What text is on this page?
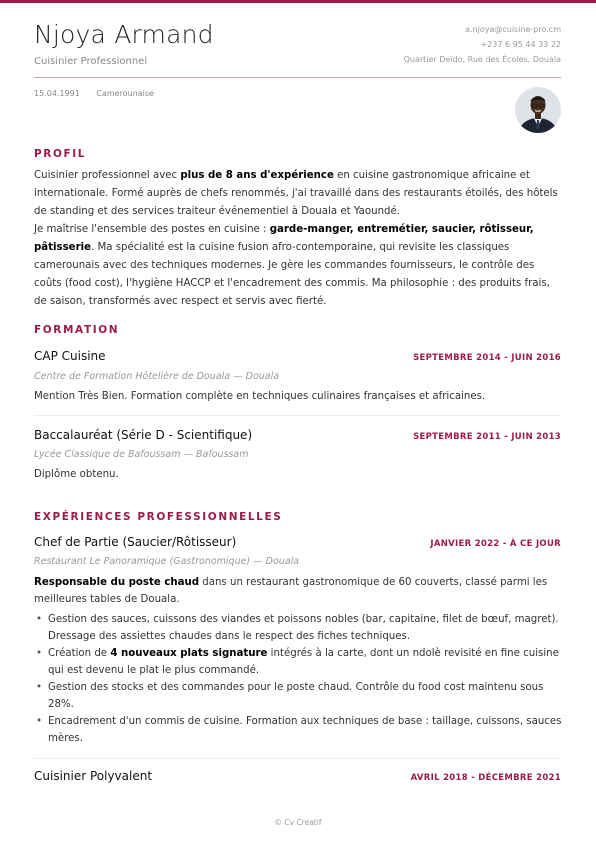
Njoya Armand
Cuisinier Professionnel
a.njoya@cuisine-pro.cm
+237 6 95 44 33 22
Quartier Deïdo, Rue des Écoles, Douala
15.04.1991 Camerounaise
PROFIL
Cuisinier professionnel avec plus de 8 ans d'expérience en cuisine gastronomique africaine et internationale. Formé auprès de chefs renommés, j'ai travaillé dans des restaurants étoilés, des hôtels de standing et des services traiteur événementiel à Douala et Yaoundé.
Je maîtrise l'ensemble des postes en cuisine : garde-manger, entremétier, saucier, rôtisseur, pâtisserie. Ma spécialité est la cuisine fusion afro-contemporaine, qui revisite les classiques camerounais avec des techniques modernes. Je gère les commandes fournisseurs, le contrôle des coûts (food cost), l'hygiène HACCP et l'encadrement des commis. Ma philosophie : des produits frais, de saison, transformés avec respect et servis avec fierté.
FORMATION
CAP Cuisine	SEPTEMBRE 2014 - JUIN 2016
Centre de Formation Hôtelière de Douala — Douala
Mention Très Bien. Formation complète en techniques culinaires françaises et africaines.
Baccalauréat (Série D - Scientifique)	SEPTEMBRE 2011 - JUIN 2013
Lycée Classique de Bafoussam — Bafoussam
Diplôme obtenu.
EXPÉRIENCES PROFESSIONNELLES
Chef de Partie (Saucier/Rôtisseur)	JANVIER 2022 - À CE JOUR
Restaurant Le Panoramique (Gastronomique) — Douala
Responsable du poste chaud dans un restaurant gastronomique de 60 couverts, classé parmi les meilleures tables de Douala.
• Gestion des sauces, cuissons des viandes et poissons nobles (bar, capitaine, filet de bœuf, magret). Dressage des assiettes chaudes dans le respect des fiches techniques.
• Création de 4 nouveaux plats signature intégrés à la carte, dont un ndolè revisité en fine cuisine qui est devenu le plat le plus commandé.
• Gestion des stocks et des commandes pour le poste chaud. Contrôle du food cost maintenu sous 28%.
• Encadrement d'un commis de cuisine. Formation aux techniques de base : taillage, cuissons, sauces mères.
Cuisinier Polyvalent	AVRIL 2018 - DÉCEMBRE 2021
© Cv Creatif
